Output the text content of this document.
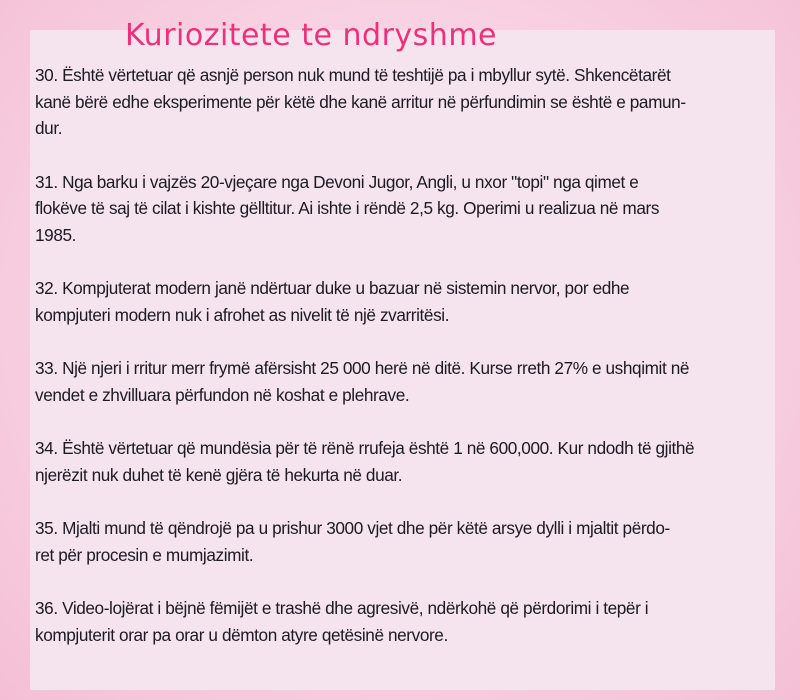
30. Është vërtetuar që asnjë person nuk mund të teshtijë pa i mbyllur sytë. Shkencëtarët
kanë bërë edhe eksperimente për këtë dhe kanë arritur në përfundimin se është e pamun-
dur.
31. Nga barku i vajzës 20-vjeçare nga Devoni Jugor, Angli, u nxor "topi" nga qimet e
flokëve të saj të cilat i kishte gëlltitur. Ai ishte i rëndë 2,5 kg. Operimi u realizua në mars
1985.
32. Kompjuterat modern janë ndërtuar duke u bazuar në sistemin nervor, por edhe
kompjuteri modern nuk i afrohet as nivelit të një zvarritësi.
33. Një njeri i rritur merr frymë afërsisht 25 000 herë në ditë. Kurse rreth 27% e ushqimit në
vendet e zhvilluara përfundon në koshat e plehrave.
34. Është vërtetuar që mundësia për të rënë rrufeja është 1 në 600,000. Kur ndodh të gjithë
njerëzit nuk duhet të kenë gjëra të hekurta në duar.
35. Mjalti mund të qëndrojë pa u prishur 3000 vjet dhe për këtë arsye dylli i mjaltit përdo-
ret për procesin e mumjazimit.
36. Video-lojërat i bëjnë fëmijët e trashë dhe agresivë, ndërkohë që përdorimi i tepër i
kompjuterit orar pa orar u dëmton atyre qetësinë nervore.
Kuriozitete te ndryshme
